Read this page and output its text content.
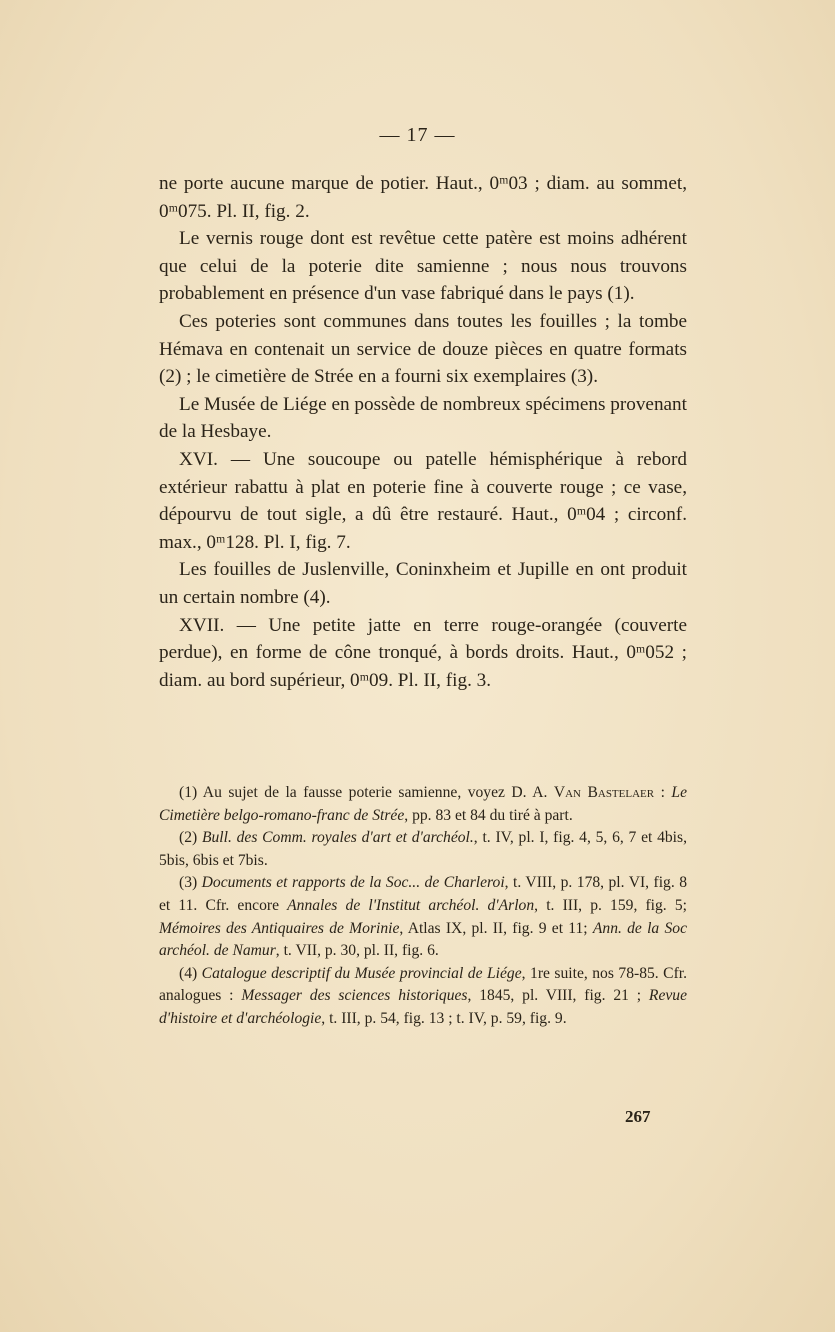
— 17 —

ne porte aucune marque de potier. Haut., 0ᵐ03 ; diam. au sommet, 0ᵐ075. Pl. II, fig. 2.

Le vernis rouge dont est revêtue cette patère est moins adhérent que celui de la poterie dite samienne ; nous nous trouvons probablement en présence d'un vase fabriqué dans le pays (1).

Ces poteries sont communes dans toutes les fouilles ; la tombe Hémava en contenait un service de douze pièces en quatre formats (2) ; le cimetière de Strée en a fourni six exemplaires (3).

Le Musée de Liége en possède de nombreux spécimens provenant de la Hesbaye.

XVI. — Une soucoupe ou patelle hémisphérique à rebord extérieur rabattu à plat en poterie fine à couverte rouge ; ce vase, dépourvu de tout sigle, a dû être restauré. Haut., 0ᵐ04 ; circonf. max., 0ᵐ128. Pl. I, fig. 7.

Les fouilles de Juslenville, Coninxheim et Jupille en ont produit un certain nombre (4).

XVII. — Une petite jatte en terre rouge-orangée (couverte perdue), en forme de cône tronqué, à bords droits. Haut., 0ᵐ052 ; diam. au bord supérieur, 0ᵐ09. Pl. II, fig. 3.

(1) Au sujet de la fausse poterie samienne, voyez D. A. Van Bastelaer : Le Cimetière belgo-romano-franc de Strée, pp. 83 et 84 du tiré à part.

(2) Bull. des Comm. royales d'art et d'archéol., t. IV, pl. I, fig. 4, 5, 6, 7 et 4bis, 5bis, 6bis et 7bis.

(3) Documents et rapports de la Soc... de Charleroi, t. VIII, p. 178, pl. VI, fig. 8 et 11. Cfr. encore Annales de l'Institut archéol. d'Arlon, t. III, p. 159, fig. 5; Mémoires des Antiquaires de Morinie, Atlas IX, pl. II, fig. 9 et 11; Ann. de la Soc archéol. de Namur, t. VII, p. 30, pl. II, fig. 6.

(4) Catalogue descriptif du Musée provincial de Liége, 1re suite, nos 78-85. Cfr. analogues : Messager des sciences historiques, 1845, pl. VIII, fig. 21 ; Revue d'histoire et d'archéologie, t. III, p. 54, fig. 13 ; t. IV, p. 59, fig. 9.

267
